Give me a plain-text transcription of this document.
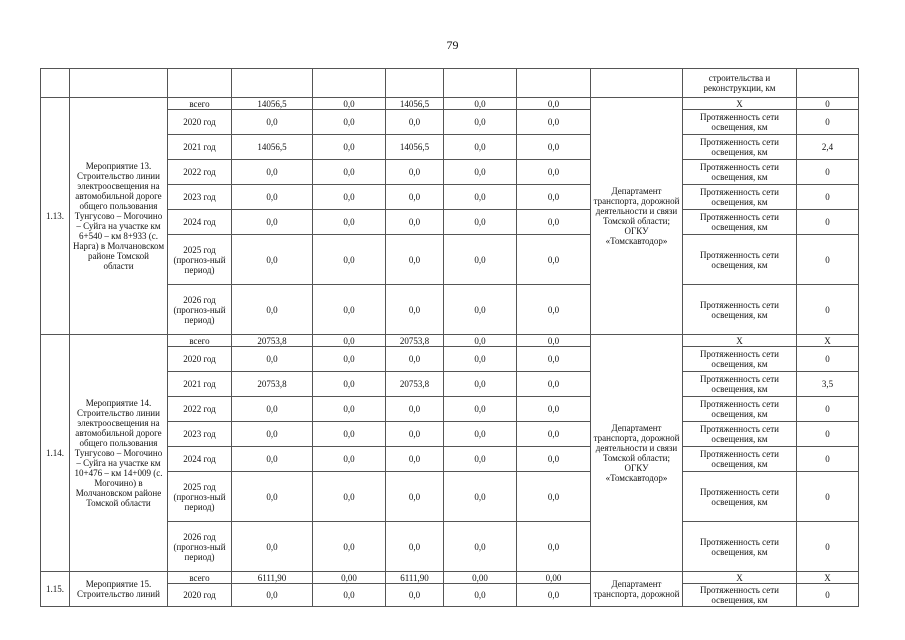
79
									строительства и реконструкции, км	
1.13.	Мероприятие 13. Строительство линии электроосвещения на автомобильной дороге общего пользования Тунгусово – Могочино – Суйга на участке км 6+540 – км 8+933 (с. Нарга) в Молчановском районе Томской области	всего	14056,5	0,0	14056,5	0,0	0,0	Департамент транспорта, дорожной деятельности и связи Томской области; ОГКУ «Томскавтодор»	X	0
		2020 год	0,0	0,0	0,0	0,0	0,0		Протяженность сети освещения, км	0
		2021 год	14056,5	0,0	14056,5	0,0	0,0		Протяженность сети освещения, км	2,4
		2022 год	0,0	0,0	0,0	0,0	0,0		Протяженность сети освещения, км	0
		2023 год	0,0	0,0	0,0	0,0	0,0		Протяженность сети освещения, км	0
		2024 год	0,0	0,0	0,0	0,0	0,0		Протяженность сети освещения, км	0
		2025 год (прогноз-ный период)	0,0	0,0	0,0	0,0	0,0		Протяженность сети освещения, км	0
		2026 год (прогноз-ный период)	0,0	0,0	0,0	0,0	0,0		Протяженность сети освещения, км	0
1.14.	Мероприятие 14. Строительство линии электроосвещения на автомобильной дороге общего пользования Тунгусово – Могочино – Суйга на участке км 10+476 – км 14+009 (с. Могочино) в Молчановском районе Томской области	всего	20753,8	0,0	20753,8	0,0	0,0	Департамент транспорта, дорожной деятельности и связи Томской области; ОГКУ «Томскавтодор»	X	X
		2020 год	0,0	0,0	0,0	0,0	0,0		Протяженность сети освещения, км	0
		2021 год	20753,8	0,0	20753,8	0,0	0,0		Протяженность сети освещения, км	3,5
		2022 год	0,0	0,0	0,0	0,0	0,0		Протяженность сети освещения, км	0
		2023 год	0,0	0,0	0,0	0,0	0,0		Протяженность сети освещения, км	0
		2024 год	0,0	0,0	0,0	0,0	0,0		Протяженность сети освещения, км	0
		2025 год (прогноз-ный период)	0,0	0,0	0,0	0,0	0,0		Протяженность сети освещения, км	0
		2026 год (прогноз-ный период)	0,0	0,0	0,0	0,0	0,0		Протяженность сети освещения, км	0
1.15.	Мероприятие 15. Строительство линий	всего	6111,90	0,00	6111,90	0,00	0,00	Департамент транспорта, дорожной	X	X
		2020 год	0,0	0,0	0,0	0,0	0,0		Протяженность сети освещения, км	0
